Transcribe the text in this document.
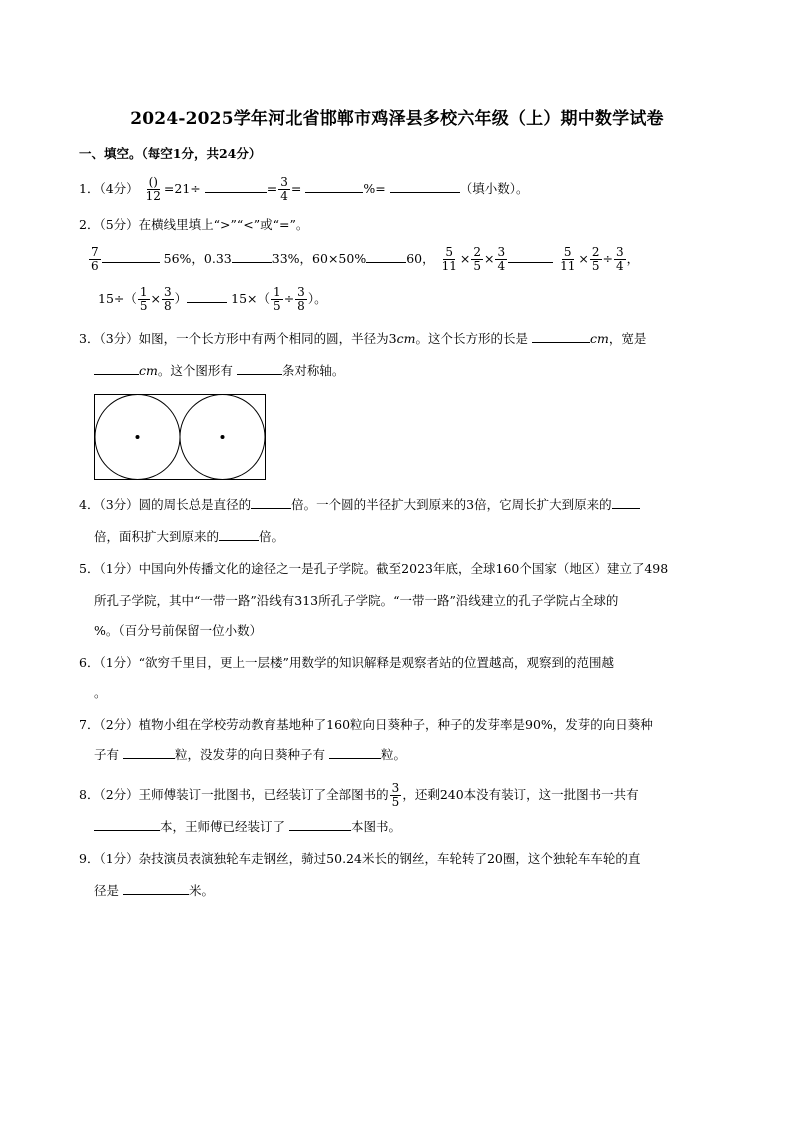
2024-2025学年河北省邯郸市鸡泽县多校六年级（上）期中数学试卷
一、填空。（每空1分，共24分）
1．（4分） $\frac{()}{12} =21\div$	= $\frac{3}{4}$ =	%=	（填小数）。
2．（5分）在横线里填上“>”“<”或“=”。
$\frac{7}{6}$	56%，0.33	33%，60×50%	60， $\frac{5}{11} \times \frac{2}{5} \times \frac{3}{4}$
	$\frac{5}{11} \times \frac{2}{5} \div \frac{3}{4}$ ，
$15\div( \frac{1}{5} \times \frac{3}{8}$ ）	$15\times( \frac{1}{5} \div \frac{3}{8}$ ）。
3．（3分）如图，一个长方形中有两个相同的圆，半径为3cm。这个长方形的长是	cm，宽是
cm。这个图形有	条对称轴。
4．（3分）圆的周长总是直径的	倍。一个圆的半径扩大到原来的3倍，它周长扩大到原来的
倍，面积扩大到原来的	倍。
5．（1分）中国向外传播文化的途径之一是孔子学院。截至2023年底，全球160个国家（地区）建立了498
所孔子学院，其中“一带一路”沿线有313所孔子学院。“一带一路”沿线建立的孔子学院占全球的
%。（百分号前保留一位小数）
6．（1分）“欲穷千里目，更上一层楼”用数学的知识解释是观察者站的位置越高，观察到的范围越
。
7．（2分）植物小组在学校劳动教育基地种了160粒向日葵种子，种子的发芽率是90%，发芽的向日葵种
子有	粒，没发芽的向日葵种子有	粒。
8．（2分）王师傅装订一批图书，已经装订了全部图书的 $\frac{3}{5}$ ，还剩240本没有装订，这一批图书一共有
本，王师傅已经装订了	本图书。
9．（1分）杂技演员表演独轮车走钢丝，骑过50.24米长的钢丝，车轮转了20圈，这个独轮车车轮的直
径是	米。
